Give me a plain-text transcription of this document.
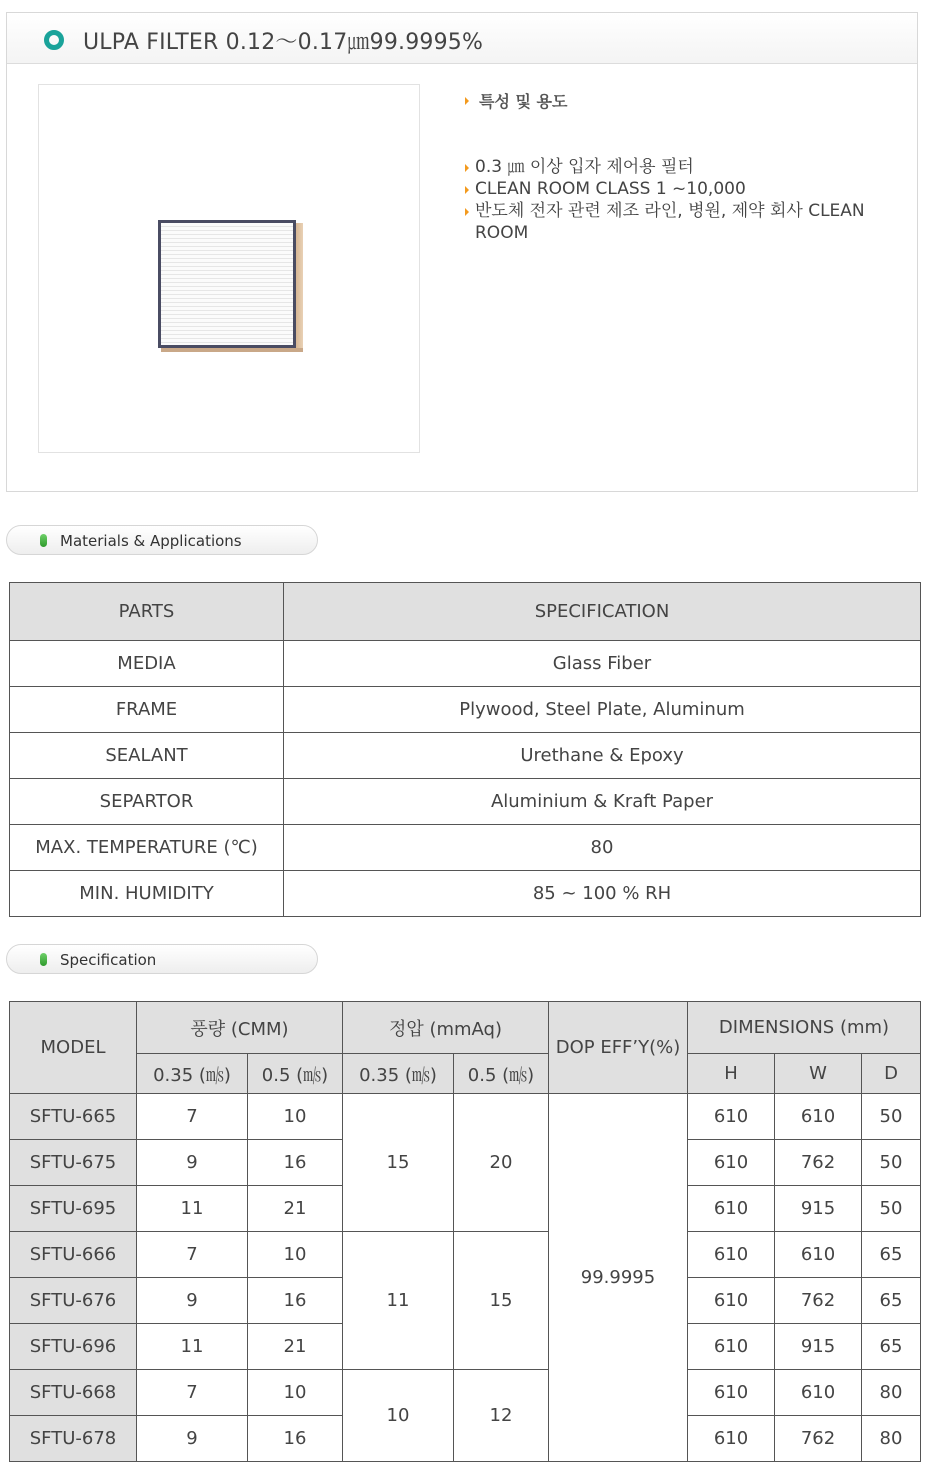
ULPA FILTER 0.12～0.17㎛99.9995%
특성 및 용도
0.3 ㎛ 이상 입자 제어용 필터
CLEAN ROOM CLASS 1 ~10,000
반도체 전자 관련 제조 라인, 병원, 제약 회사 CLEAN ROOM
Materials & Applications
PARTS	SPECIFICATION
MEDIA	Glass Fiber
FRAME	Plywood, Steel Plate, Aluminum
SEALANT	Urethane & Epoxy
SEPARTOR	Aluminium & Kraft Paper
MAX. TEMPERATURE (℃)	80
MIN. HUMIDITY	85 ~ 100 % RH
Specification
MODEL	풍량 (CMM)		정압 (mmAq)		DOP EFF’Y(%)	DIMENSIONS (mm)		
	0.35 (㎧)	0.5 (㎧)	0.35 (㎧)	0.5 (㎧)		H	W	D
SFTU-665	7	10	15	20	99.9995	610	610	50
SFTU-675	9	16				610	762	50
SFTU-695	11	21				610	915	50
SFTU-666	7	10	11	15		610	610	65
SFTU-676	9	16				610	762	65
SFTU-696	11	21				610	915	65
SFTU-668	7	10	10	12		610	610	80
SFTU-678	9	16				610	762	80
